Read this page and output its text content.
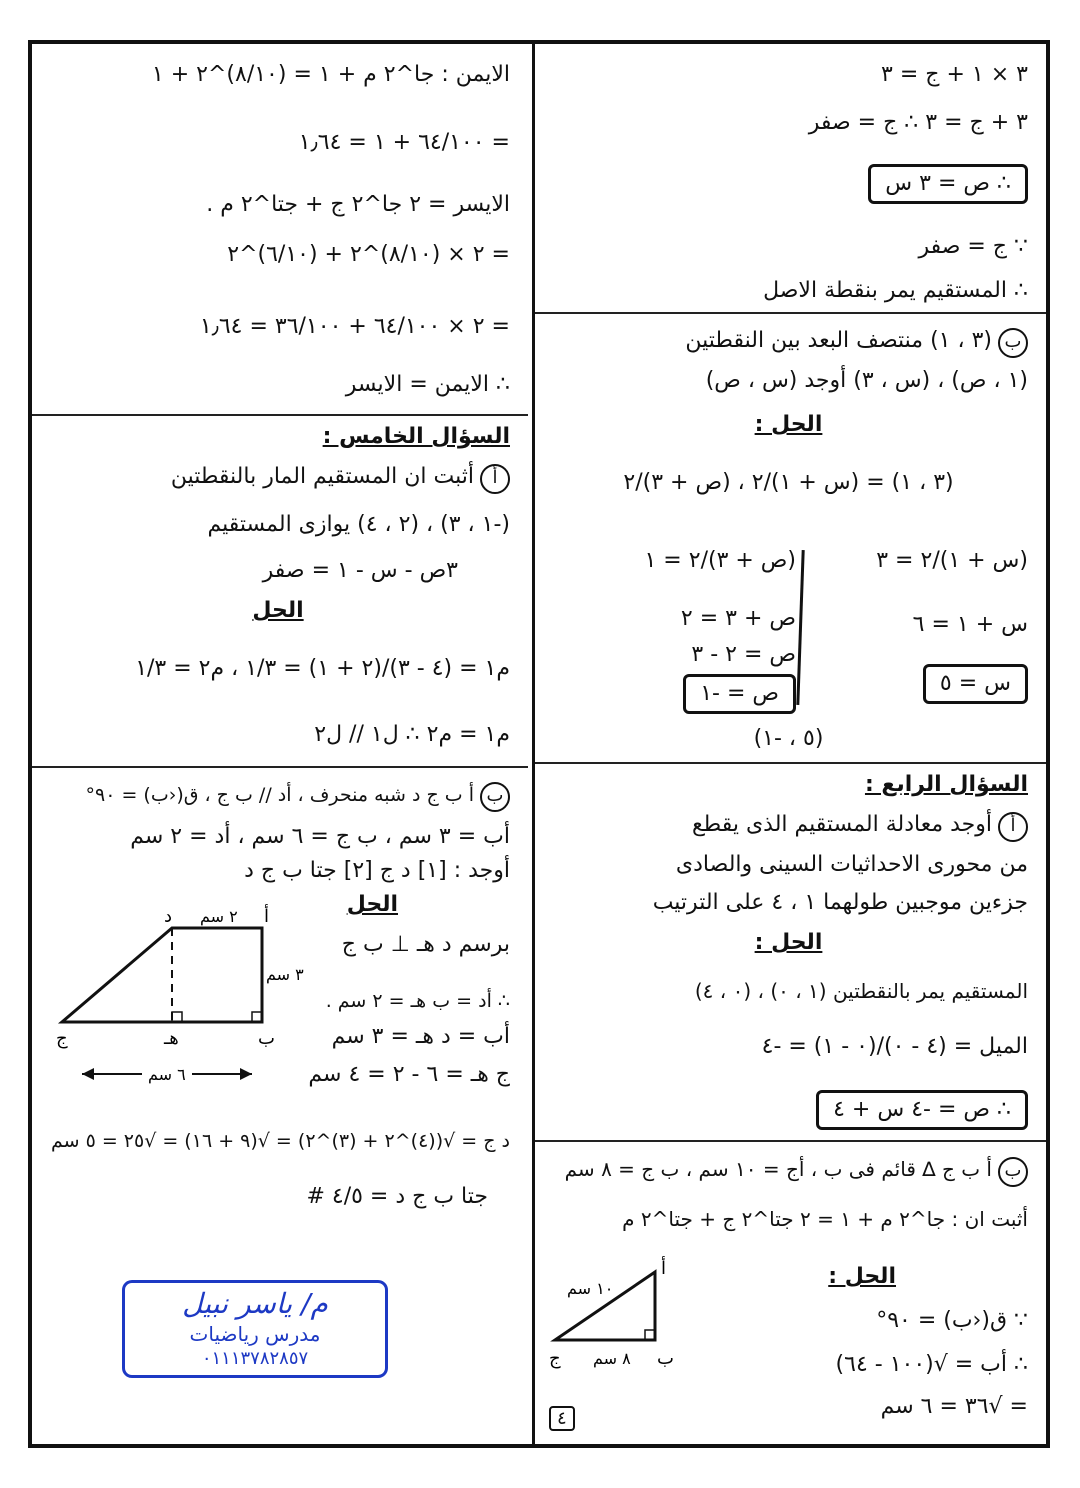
الايمن : جا^٢ م + ١ = (٨/١٠)^٢ + ١
= ٦٤/١٠٠ + ١ = ١٫٦٤
الايسر = ٢ جا^٢ ج + جتا^٢ م .
= ٢ × (٨/١٠)^٢ + (٦/١٠)^٢
= ٢ × ٦٤/١٠٠ + ٣٦/١٠٠ = ١٫٦٤
∴ الايمن = الايسر
السؤال الخامس :
أأثبت ان المستقيم المار بالنقطتين
(-١ ، ٣) ، (٢ ، ٤) يوازى المستقيم
٣ص - س - ١ = صفر
الحل
م١ = (٤ - ٣)/(٢ + ١) = ١/٣ ، م٢ = ١/٣
م١ = م٢ ∴ ل١ // ل٢
بأ ب ج د شبه منحرف ، أد // ب ج ، ق(‹ب) = ٩٠°
أب = ٣ سم ، ب ج = ٦ سم ، أد = ٢ سم
أوجد : [١] د ج [٢] جتا ب ج د
الحل
برسم د هـ ⊥ ب ج
∴ أد = ب هـ = ٢ سم .
أب = د هـ = ٣ سم
ج هـ = ٦ - ٢ = ٤ سم
د ج = √((٤)^٢ + (٣)^٢) = √(٩ + ١٦) = √٢٥ = ٥ سم
جتا ب ج د = ٤/٥ #
د	أ
ب
هـ
ج
٢ سم
٣ سم
٦ سم
م/ ياسر نبيل
مدرس رياضيات
٠١١١٣٧٨٢٨٥٧
٣ × ١ + ج = ٣
٣ + ج = ٣ ∴ ج = صفر
∴ ص = ٣ س
∵ ج = صفر
∴ المستقيم يمر بنقطة الاصل
ب(٣ ، ١) منتصف البعد بين النقطتين
(١ ، ص) ، (س ، ٣) أوجد (س ، ص)
الحل :
(٣ ، ١) = (س + ١)/٢ ، (ص + ٣)/٢
(س + ١)/٢ = ٣
س + ١ = ٦
س = ٥
(ص + ٣)/٢ = ١
ص + ٣ = ٢
ص = ٢ - ٣
ص = -١
(٥ ، -١)
السؤال الرابع :
أأوجد معادلة المستقيم الذى يقطع
من محورى الاحداثيات السينى والصادى
جزءين موجبين طولهما ١ ، ٤ على الترتيب
الحل :
المستقيم يمر بالنقطتين (١ ، ٠) ، (٠ ، ٤)
الميل = (٤ - ٠)/(٠ - ١) = -٤
∴ ص = -٤ س + ٤
بأ ب ج ∆ قائم فى ب ، أج = ١٠ سم ، ب ج = ٨ سم
أثبت ان : جا^٢ م + ١ = ٢ جتا^٢ ج + جتا^٢ م
الحل :
∵ ق(‹ب) = ٩٠°
∴ أب = √(١٠٠ - ٦٤)
= √٣٦ = ٦ سم
أ
ب
ج
١٠ سم
٨ سم
٤
